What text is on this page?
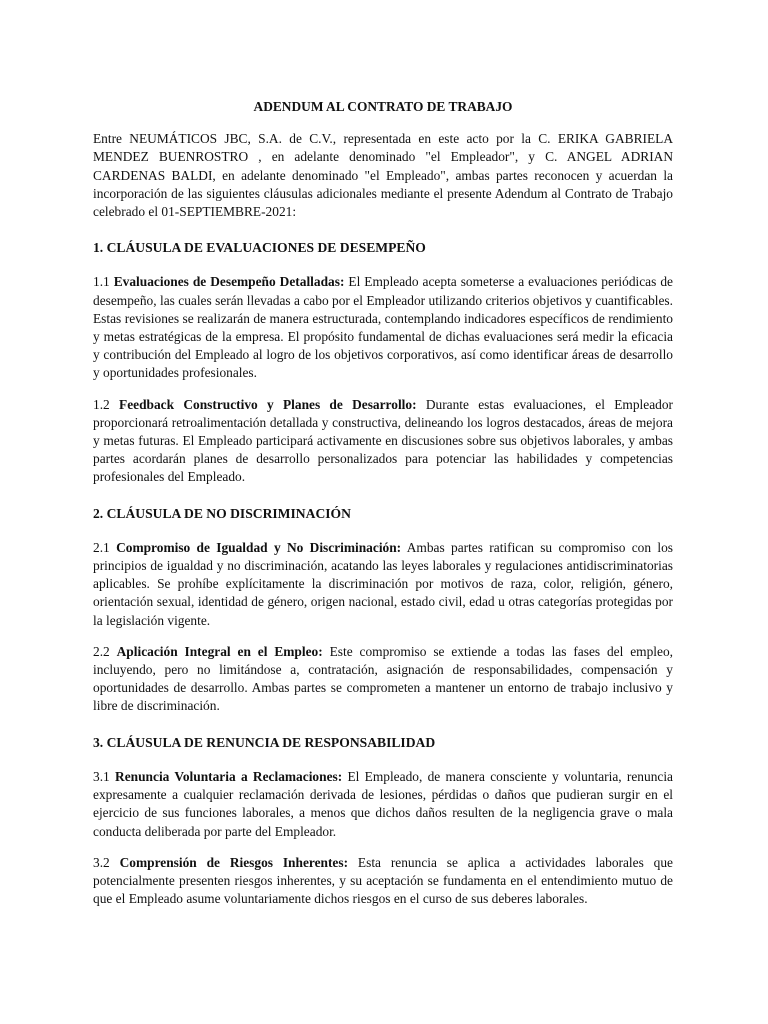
ADENDUM AL CONTRATO DE TRABAJO

Entre NEUMÁTICOS JBC, S.A. de C.V., representada en este acto por la C. ERIKA GABRIELA MENDEZ BUENROSTRO , en adelante denominado "el Empleador", y C. ANGEL ADRIAN CARDENAS BALDI, en adelante denominado "el Empleado", ambas partes reconocen y acuerdan la incorporación de las siguientes cláusulas adicionales mediante el presente Adendum al Contrato de Trabajo celebrado el 01-SEPTIEMBRE-2021:

1. CLÁUSULA DE EVALUACIONES DE DESEMPEÑO

1.1 Evaluaciones de Desempeño Detalladas: El Empleado acepta someterse a evaluaciones periódicas de desempeño, las cuales serán llevadas a cabo por el Empleador utilizando criterios objetivos y cuantificables. Estas revisiones se realizarán de manera estructurada, contemplando indicadores específicos de rendimiento y metas estratégicas de la empresa. El propósito fundamental de dichas evaluaciones será medir la eficacia y contribución del Empleado al logro de los objetivos corporativos, así como identificar áreas de desarrollo y oportunidades profesionales.

1.2 Feedback Constructivo y Planes de Desarrollo: Durante estas evaluaciones, el Empleador proporcionará retroalimentación detallada y constructiva, delineando los logros destacados, áreas de mejora y metas futuras. El Empleado participará activamente en discusiones sobre sus objetivos laborales, y ambas partes acordarán planes de desarrollo personalizados para potenciar las habilidades y competencias profesionales del Empleado.

2. CLÁUSULA DE NO DISCRIMINACIÓN

2.1 Compromiso de Igualdad y No Discriminación: Ambas partes ratifican su compromiso con los principios de igualdad y no discriminación, acatando las leyes laborales y regulaciones antidiscriminatorias aplicables. Se prohíbe explícitamente la discriminación por motivos de raza, color, religión, género, orientación sexual, identidad de género, origen nacional, estado civil, edad u otras categorías protegidas por la legislación vigente.

2.2 Aplicación Integral en el Empleo: Este compromiso se extiende a todas las fases del empleo, incluyendo, pero no limitándose a, contratación, asignación de responsabilidades, compensación y oportunidades de desarrollo. Ambas partes se comprometen a mantener un entorno de trabajo inclusivo y libre de discriminación.

3. CLÁUSULA DE RENUNCIA DE RESPONSABILIDAD

3.1 Renuncia Voluntaria a Reclamaciones: El Empleado, de manera consciente y voluntaria, renuncia expresamente a cualquier reclamación derivada de lesiones, pérdidas o daños que pudieran surgir en el ejercicio de sus funciones laborales, a menos que dichos daños resulten de la negligencia grave o mala conducta deliberada por parte del Empleador.

3.2 Comprensión de Riesgos Inherentes: Esta renuncia se aplica a actividades laborales que potencialmente presenten riesgos inherentes, y su aceptación se fundamenta en el entendimiento mutuo de que el Empleado asume voluntariamente dichos riesgos en el curso de sus deberes laborales.
